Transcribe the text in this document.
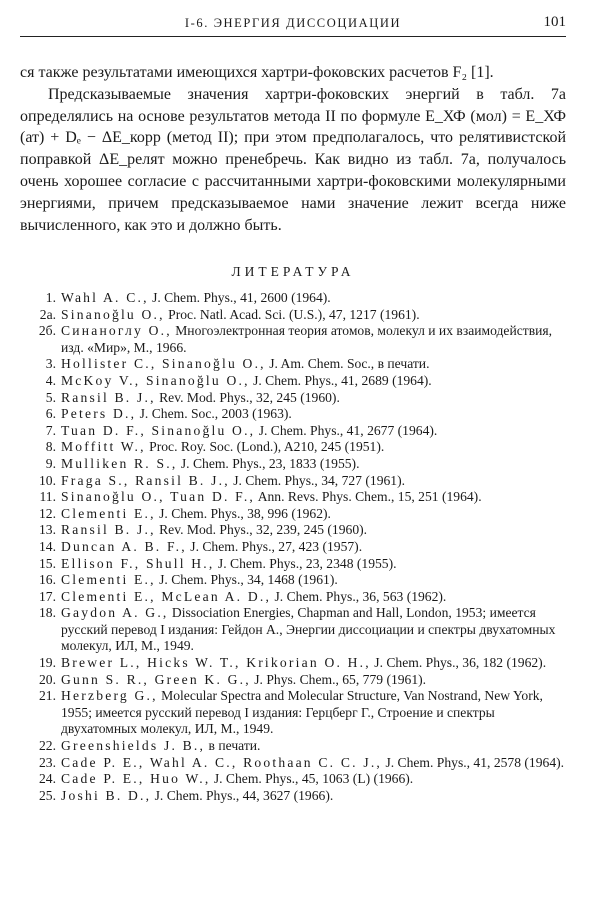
I-6. ЭНЕРГИЯ ДИССОЦИАЦИИ	101

ся также результатами имеющихся хартри-фоковских расчетов F₂ [1].

Предсказываемые значения хартри-фоковских энергий в табл. 7а определялись на основе результатов метода II по формуле E_ХФ (мол) = E_ХФ (ат) + Dₑ − ΔE_корр (метод II); при этом предполагалось, что релятивистской поправкой ΔE_релят можно пренебречь. Как видно из табл. 7а, получалось очень хорошее согласие с рассчитанными хартри-фоковскими молекулярными энергиями, причем предсказываемое нами значение лежит всегда ниже вычисленного, как это и должно быть.

ЛИТЕРАТУРА
1. Wahl A. C., J. Chem. Phys., 41, 2600 (1964).
2a. Sinanoğlu O., Proc. Natl. Acad. Sci. (U.S.), 47, 1217 (1961).
2б. Синаноглу О., Многоэлектронная теория атомов, молекул и их взаимодействия, изд. «Мир», М., 1966.
3. Hollister C., Sinanoğlu O., J. Am. Chem. Soc., в печати.
4. McKoy V., Sinanoğlu O., J. Chem. Phys., 41, 2689 (1964).
5. Ransil B. J., Rev. Mod. Phys., 32, 245 (1960).
6. Peters D., J. Chem. Soc., 2003 (1963).
7. Tuan D. F., Sinanoğlu O., J. Chem. Phys., 41, 2677 (1964).
8. Moffitt W., Proc. Roy. Soc. (Lond.), A210, 245 (1951).
9. Mulliken R. S., J. Chem. Phys., 23, 1833 (1955).
10. Fraga S., Ransil B. J., J. Chem. Phys., 34, 727 (1961).
11. Sinanoğlu O., Tuan D. F., Ann. Revs. Phys. Chem., 15, 251 (1964).
12. Clementi E., J. Chem. Phys., 38, 996 (1962).
13. Ransil B. J., Rev. Mod. Phys., 32, 239, 245 (1960).
14. Duncan A. B. F., J. Chem. Phys., 27, 423 (1957).
15. Ellison F., Shull H., J. Chem. Phys., 23, 2348 (1955).
16. Clementi E., J. Chem. Phys., 34, 1468 (1961).
17. Clementi E., McLean A. D., J. Chem. Phys., 36, 563 (1962).
18. Gaydon A. G., Dissociation Energies, Chapman and Hall, London, 1953; имеется русский перевод I издания: Гейдон А., Энергии диссоциации и спектры двухатомных молекул, ИЛ, М., 1949.
19. Brewer L., Hicks W. T., Krikorian O. H., J. Chem. Phys., 36, 182 (1962).
20. Gunn S. R., Green K. G., J. Phys. Chem., 65, 779 (1961).
21. Herzberg G., Molecular Spectra and Molecular Structure, Van Nostrand, New York, 1955; имеется русский перевод I издания: Герцберг Г., Строение и спектры двухатомных молекул, ИЛ, М., 1949.
22. Greenshields J. B., в печати.
23. Cade P. E., Wahl A. C., Roothaan C. C. J., J. Chem. Phys., 41, 2578 (1964).
24. Cade P. E., Huo W., J. Chem. Phys., 45, 1063 (L) (1966).
25. Joshi B. D., J. Chem. Phys., 44, 3627 (1966).
